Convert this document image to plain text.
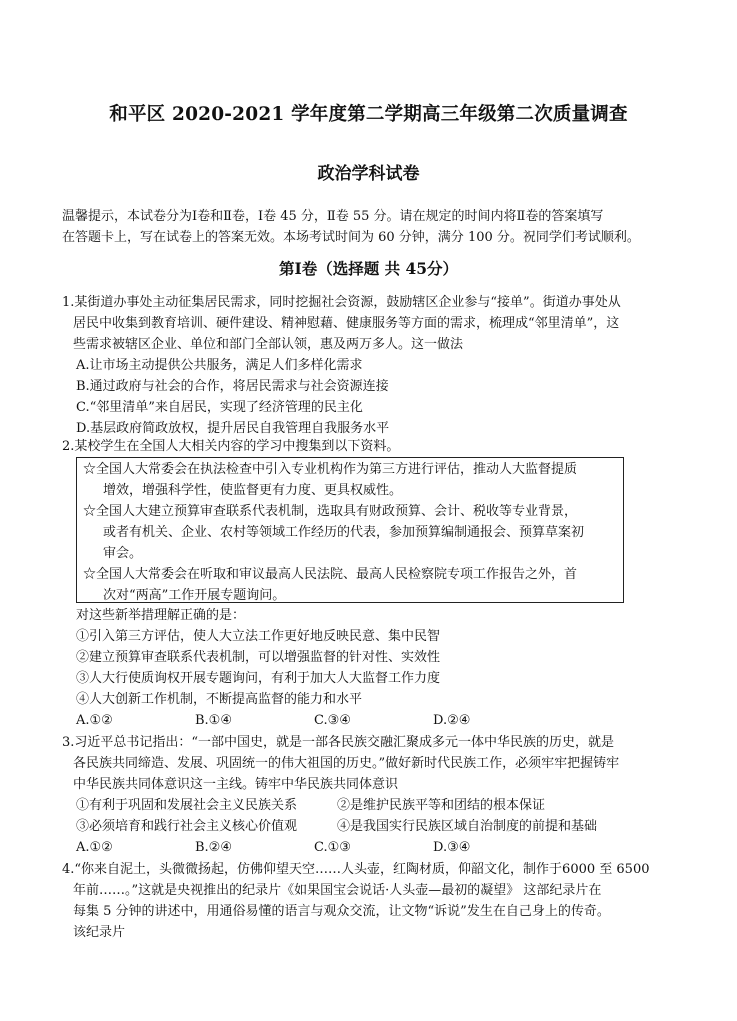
和平区 2020-2021 学年度第二学期高三年级第二次质量调查
政治学科试卷
温馨提示，本试卷分为Ⅰ卷和Ⅱ卷，Ⅰ卷 45 分，Ⅱ卷 55 分。请在规定的时间内将Ⅱ卷的答案填写
在答题卡上，写在试卷上的答案无效。本场考试时间为 60 分钟，满分 100 分。祝同学们考试顺利。
第Ⅰ卷（选择题 共 45分）
1.某街道办事处主动征集居民需求，同时挖掘社会资源，鼓励辖区企业参与“接单”。街道办事处从
居民中收集到教育培训、硬件建设、精神慰藉、健康服务等方面的需求，梳理成“邻里清单”，这
些需求被辖区企业、单位和部门全部认领，惠及两万多人。这一做法
A.让市场主动提供公共服务，满足人们多样化需求
B.通过政府与社会的合作，将居民需求与社会资源连接
C.“邻里清单”来自居民，实现了经济管理的民主化
D.基层政府简政放权，提升居民自我管理自我服务水平
2.某校学生在全国人大相关内容的学习中搜集到以下资料。
☆全国人大常委会在执法检查中引入专业机构作为第三方进行评估，推动人大监督提质
增效，增强科学性，使监督更有力度、更具权威性。
☆全国人大建立预算审查联系代表机制，选取具有财政预算、会计、税收等专业背景，
或者有机关、企业、农村等领域工作经历的代表，参加预算编制通报会、预算草案初
审会。
☆全国人大常委会在听取和审议最高人民法院、最高人民检察院专项工作报告之外，首
次对“两高”工作开展专题询问。
对这些新举措理解正确的是：
①引入第三方评估，使人大立法工作更好地反映民意、集中民智
②建立预算审查联系代表机制，可以增强监督的针对性、实效性
③人大行使质询权开展专题询问，有利于加大人大监督工作力度
④人大创新工作机制，不断提高监督的能力和水平
A.①②	B.①④	C.③④	D.②④
3.习近平总书记指出：“一部中国史，就是一部各民族交融汇聚成多元一体中华民族的历史，就是
各民族共同缔造、发展、巩固统一的伟大祖国的历史。”做好新时代民族工作，必须牢牢把握铸牢
中华民族共同体意识这一主线。铸牢中华民族共同体意识
①有利于巩固和发展社会主义民族关系	②是维护民族平等和团结的根本保证
③必须培育和践行社会主义核心价值观	④是我国实行民族区域自治制度的前提和基础
A.①②	B.②④	C.①③	D.③④
4.“你来自泥土，头微微扬起，仿佛仰望天空……人头壶，红陶材质，仰韶文化，制作于6000 至 6500
年前……。”这就是央视推出的纪录片《如果国宝会说话·人头壶—最初的凝望》 这部纪录片在
每集 5 分钟的讲述中，用通俗易懂的语言与观众交流，让文物“诉说”发生在自己身上的传奇。
该纪录片
